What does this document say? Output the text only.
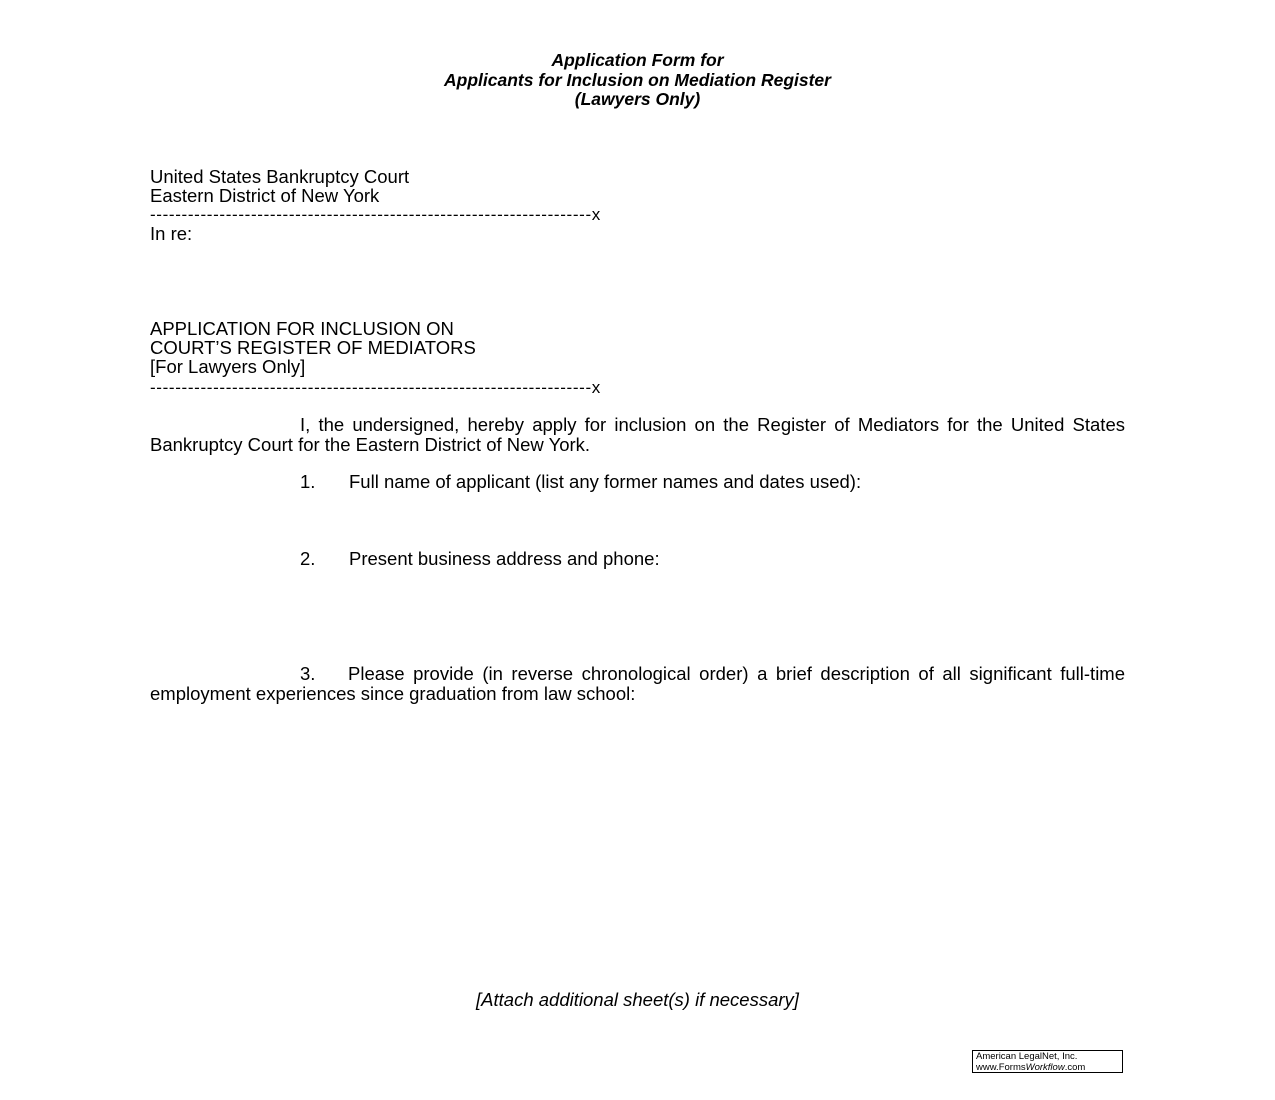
Application Form for
Applicants for Inclusion on Mediation Register
(Lawyers Only)
United States Bankruptcy Court
Eastern District of New York
----------------------------------------------------------------------x
In re:
APPLICATION FOR INCLUSION ON
COURT’S REGISTER OF MEDIATORS
[For Lawyers Only]
----------------------------------------------------------------------x
I, the undersigned, hereby apply for inclusion on the Register of Mediators for the United States Bankruptcy Court for the Eastern District of New York.
1. Full name of applicant (list any former names and dates used):
2. Present business address and phone:
3.	Please provide (in reverse chronological order) a brief description of all significant full-time employment experiences since graduation from law school:
[Attach additional sheet(s) if necessary]
American LegalNet, Inc.
www.FormsWorkflow.com
